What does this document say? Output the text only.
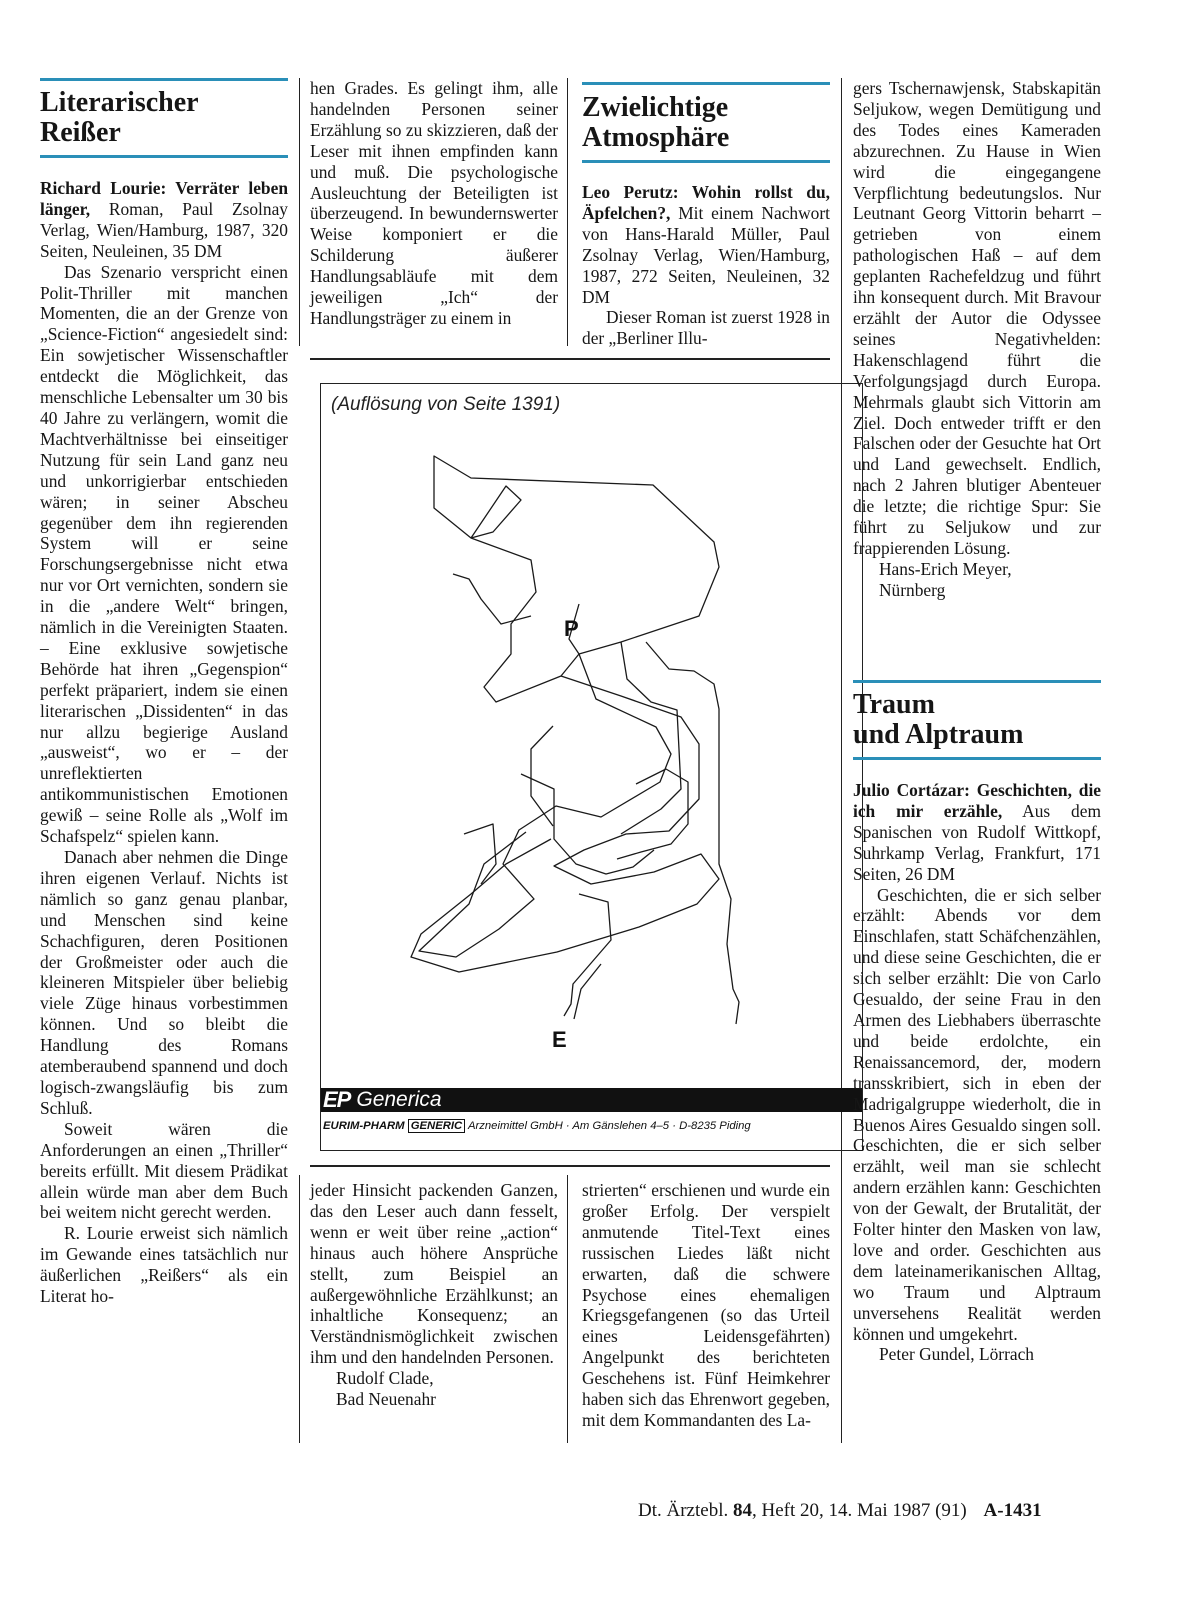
Literarischer
Reißer

Richard Lourie: Verräter leben länger, Roman, Paul Zsolnay Verlag, Wien/Hamburg, 1987, 320 Seiten, Neuleinen, 35 DM

Das Szenario verspricht einen Polit-Thriller mit manchen Momenten, die an der Grenze von „Science-Fiction“ angesiedelt sind: Ein sowjetischer Wissenschaftler entdeckt die Möglichkeit, das menschliche Lebensalter um 30 bis 40 Jahre zu verlängern, womit die Machtverhältnisse bei einseitiger Nutzung für sein Land ganz neu und unkorrigierbar entschieden wären; in seiner Abscheu gegenüber dem ihn regierenden System will er seine Forschungsergebnisse nicht etwa nur vor Ort vernichten, sondern sie in die „andere Welt“ bringen, nämlich in die Vereinigten Staaten. – Eine exklusive sowjetische Behörde hat ihren „Gegenspion“ perfekt präpariert, indem sie einen literarischen „Dissidenten“ in das nur allzu begierige Ausland „ausweist“, wo er – der unreflektierten antikommunistischen Emotionen gewiß – seine Rolle als „Wolf im Schafspelz“ spielen kann.

Danach aber nehmen die Dinge ihren eigenen Verlauf. Nichts ist nämlich so ganz genau planbar, und Menschen sind keine Schachfiguren, deren Positionen der Großmeister oder auch die kleineren Mitspieler über beliebig viele Züge hinaus vorbestimmen können. Und so bleibt die Handlung des Romans atemberaubend spannend und doch logisch-zwangsläufig bis zum Schluß.

Soweit wären die Anforderungen an einen „Thriller“ bereits erfüllt. Mit diesem Prädikat allein würde man aber dem Buch bei weitem nicht gerecht werden.

R. Lourie erweist sich nämlich im Gewande eines tatsächlich nur äußerlichen „Reißers“ als ein Literat ho-

hen Grades. Es gelingt ihm, alle handelnden Personen seiner Erzählung so zu skizzieren, daß der Leser mit ihnen empfinden kann und muß. Die psychologische Ausleuchtung der Beteiligten ist überzeugend. In bewundernswerter Weise komponiert er die Schilderung äußerer Handlungsabläufe mit dem jeweiligen „Ich“ der Handlungsträger zu einem in

Zwielichtige
Atmosphäre

Leo Perutz: Wohin rollst du, Äpfelchen?, Mit einem Nachwort von Hans-Harald Müller, Paul Zsolnay Verlag, Wien/Hamburg, 1987, 272 Seiten, Neuleinen, 32 DM

Dieser Roman ist zuerst 1928 in der „Berliner Illu-

(Auflösung von Seite 1391)
P
E
EP Generica
EURIM-PHARM GENERIC Arzneimittel GmbH · Am Gänslehen 4–5 · D-8235 Piding

jeder Hinsicht packenden Ganzen, das den Leser auch dann fesselt, wenn er weit über reine „action“ hinaus auch höhere Ansprüche stellt, zum Beispiel an außergewöhnliche Erzählkunst; an inhaltliche Konsequenz; an Verständnismöglichkeit zwischen ihm und den handelnden Personen.

Rudolf Clade,

Bad Neuenahr

strierten“ erschienen und wurde ein großer Erfolg. Der verspielt anmutende Titel-Text eines russischen Liedes läßt nicht erwarten, daß die schwere Psychose eines ehemaligen Kriegsgefangenen (so das Urteil eines Leidensgefährten) Angelpunkt des berichteten Geschehens ist. Fünf Heimkehrer haben sich das Ehrenwort gegeben, mit dem Kommandanten des La-

gers Tschernawjensk, Stabskapitän Seljukow, wegen Demütigung und des Todes eines Kameraden abzurechnen. Zu Hause in Wien wird die eingegangene Verpflichtung bedeutungslos. Nur Leutnant Georg Vittorin beharrt – getrieben von einem pathologischen Haß – auf dem geplanten Rachefeldzug und führt ihn konsequent durch. Mit Bravour erzählt der Autor die Odyssee seines Negativhelden: Hakenschlagend führt die Verfolgungsjagd durch Europa. Mehrmals glaubt sich Vittorin am Ziel. Doch entweder trifft er den Falschen oder der Gesuchte hat Ort und Land gewechselt. Endlich, nach 2 Jahren blutiger Abenteuer die letzte; die richtige Spur: Sie führt zu Seljukow und zur frappierenden Lösung.

Hans-Erich Meyer,

Nürnberg

Traum
und Alptraum

Julio Cortázar: Geschichten, die ich mir erzähle, Aus dem Spanischen von Rudolf Wittkopf, Suhrkamp Verlag, Frankfurt, 171 Seiten, 26 DM

Geschichten, die er sich selber erzählt: Abends vor dem Einschlafen, statt Schäfchenzählen, und diese seine Geschichten, die er sich selber erzählt: Die von Carlo Gesualdo, der seine Frau in den Armen des Liebhabers überraschte und beide erdolchte, ein Renaissancemord, der, modern transskribiert, sich in eben der Madrigalgruppe wiederholt, die in Buenos Aires Gesualdo singen soll. Geschichten, die er sich selber erzählt, weil man sie schlecht andern erzählen kann: Geschichten von der Gewalt, der Brutalität, der Folter hinter den Masken von law, love and order. Geschichten aus dem lateinamerikanischen Alltag, wo Traum und Alptraum unversehens Realität werden können und umgekehrt.

Peter Gundel, Lörrach

Dt. Ärztebl. 84, Heft 20, 14. Mai 1987 (91) A-1431
